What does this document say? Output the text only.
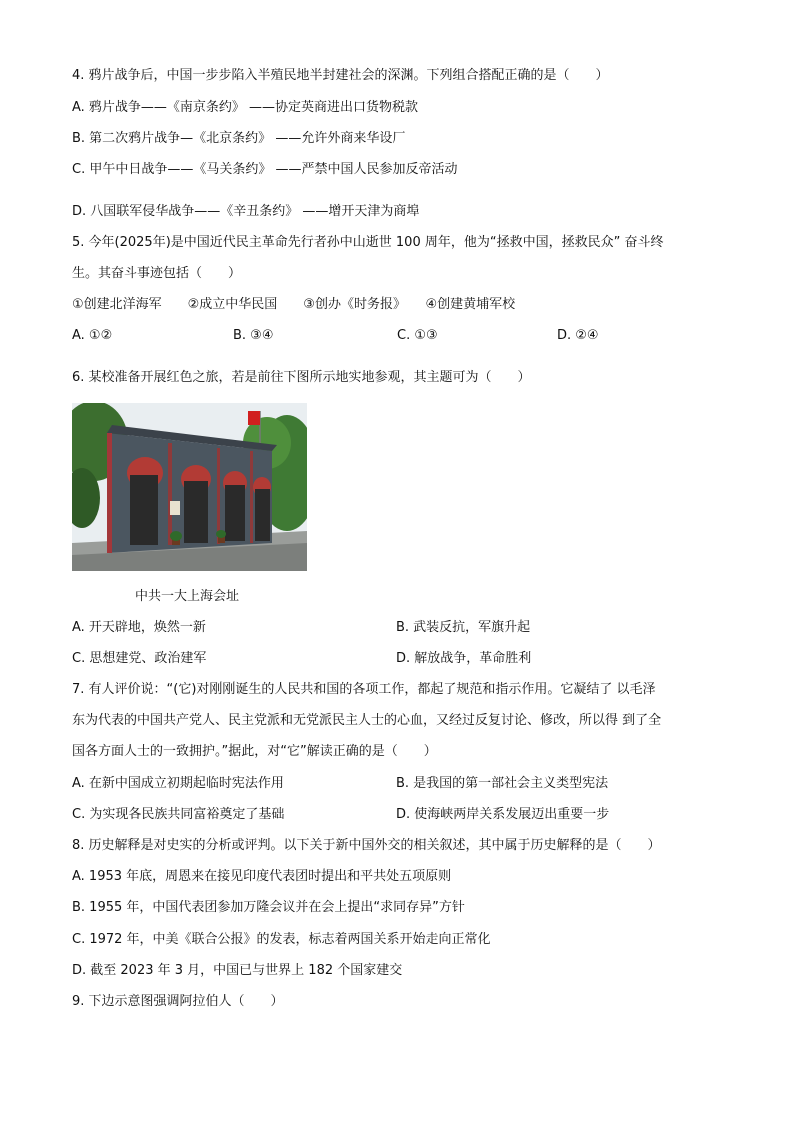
4. 鸦片战争后，中国一步步陷入半殖民地半封建社会的深渊。下列组合搭配正确的是（　　）
A. 鸦片战争——《南京条约》 ——协定英商进出口货物税款
B. 第二次鸦片战争—《北京条约》 ——允许外商来华设厂
C. 甲午中日战争——《马关条约》 ——严禁中国人民参加反帝活动
D. 八国联军侵华战争——《辛丑条约》 ——增开天津为商埠
5. 今年(2025年)是中国近代民主革命先行者孙中山逝世 100 周年，他为“拯救中国，拯救民众” 奋斗终
生。其奋斗事迹包括（　　）
①创建北洋海军　　②成立中华民国　　③创办《时务报》　　④创建黄埔军校
A. ①②	B. ③④	C. ①③	D. ②④
6. 某校准备开展红色之旅，若是前往下图所示地实地参观，其主题可为（　　）
中共一大上海会址
A. 开天辟地，焕然一新	B. 武装反抗，军旗升起
C. 思想建党、政治建军	D. 解放战争，革命胜利
7. 有人评价说：“(它)对刚刚诞生的人民共和国的各项工作，都起了规范和指示作用。它凝结了 以毛泽
东为代表的中国共产党人、民主党派和无党派民主人士的心血，又经过反复讨论、修改，所以得 到了全
国各方面人士的一致拥护。”据此，对“它”解读正确的是（　　）
A. 在新中国成立初期起临时宪法作用	B. 是我国的第一部社会主义类型宪法
C. 为实现各民族共同富裕奠定了基础	D. 使海峡两岸关系发展迈出重要一步
8. 历史解释是对史实的分析或评判。以下关于新中国外交的相关叙述，其中属于历史解释的是（　　）
A. 1953 年底，周恩来在接见印度代表团时提出和平共处五项原则
B. 1955 年，中国代表团参加万隆会议并在会上提出“求同存异”方针
C. 1972 年，中美《联合公报》的发表，标志着两国关系开始走向正常化
D. 截至 2023 年 3 月，中国已与世界上 182 个国家建交
9. 下边示意图强调阿拉伯人（　　）
